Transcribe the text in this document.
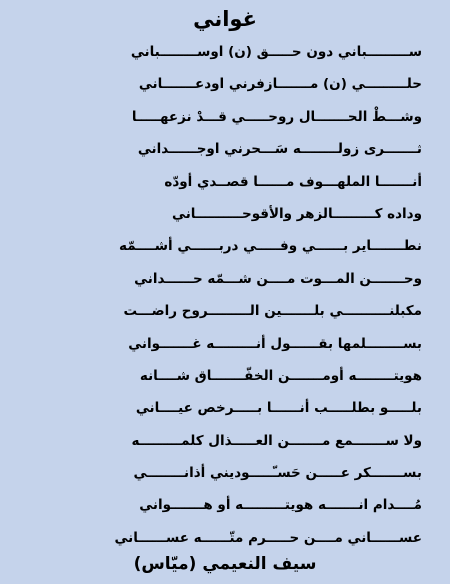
غواني
ســـــــــباني دون حـــــق (ن) اوســــــــباني
حلـــــــــي (ن) مـــــــازفرني اودعـــــــاني
وشـــطْ الحـــــــال روحـــــي قـــدْ نزعهـــــا
ثـــــــرى زولــــــــه سَـــحرني اوجــــــداني
أنـــــــا الملهـــوف مــــــا قصــدي أودّه
وداده كـــــــــالزهر والأقوحــــــــــاني
نطـــــــاير بــــــي وفـــــي دربــــــي أشــــمّه
وحـــــــن المـــوت مــــن شـــمّه حــــــداني
مكبلنــــــــــي بلـــــــين الـــــــــروح راضـــت
بســــــــلمها بقــــــول أنـــــــــه غـــــــواني
هويتــــــــه أومـــــــن الخفّـــــــاق شــــانه
بلـــــو بطلـــــب أنــــــا بـــــرخص عيــــاني
ولا ســـــــمع مـــــــن العـــــذال كلمـــــــــه
بســـــــكر عـــــن حَسـّـــــوديني أذانــــــــي
مُــــدام انـــــــه هويتـــــــــه أو هـــــــواني
عســــــاني مــــن حـــــرم متّــــــه عســــــاني

سيف النعيمي (ميّاس)
